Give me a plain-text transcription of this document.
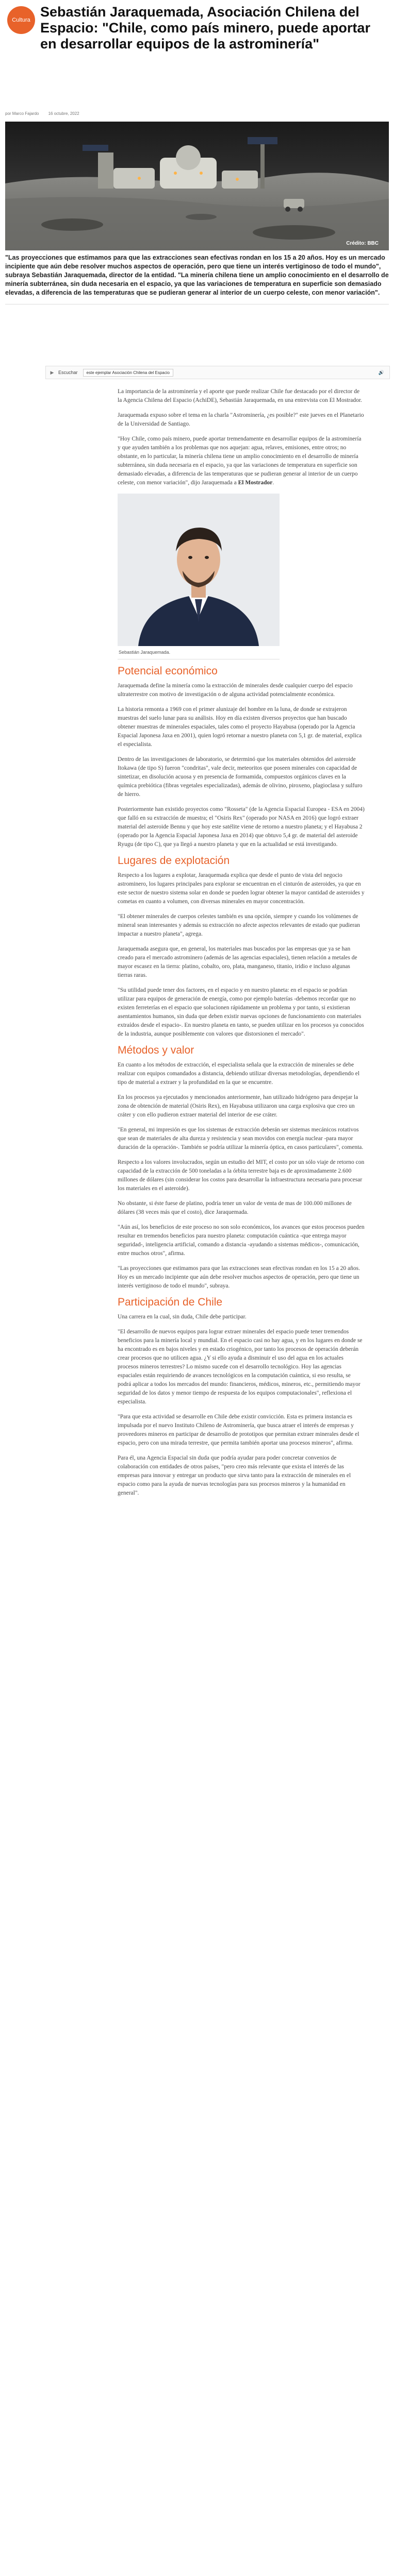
Cultura
Sebastián Jaraquemada, Asociación Chilena del Espacio: "Chile, como país minero, puede aportar en desarrollar equipos de la astrominería"
por Marco Fajardo 16 octubre, 2022
Crédito: BBC

"Las proyecciones que estimamos para que las extracciones sean efectivas rondan en los 15 a 20 años. Hoy es un mercado incipiente que aún debe resolver muchos aspectos de operación, pero que tiene un interés vertiginoso de todo el mundo", subraya Sebastián Jaraquemada, director de la entidad. "La minería chilena tiene un amplio conocimiento en el desarrollo de minería subterránea, sin duda necesaria en el espacio, ya que las variaciones de temperatura en superficie son demasiado elevadas, a diferencia de las temperaturas que se pudieran generar al interior de un cuerpo celeste, con menor variación".

▶ Escuchar	este ejemplar Asociación Chilena del Espacio	🔊

La importancia de la astrominería y el aporte que puede realizar Chile fue destacado por el director de la Agencia Chilena del Espacio (AchiDE), Sebastián Jaraquemada, en una entrevista con El Mostrador.

Jaraquemada expuso sobre el tema en la charla "Astrominería, ¿es posible?" este jueves en el Planetario de la Universidad de Santiago.

"Hoy Chile, como país minero, puede aportar tremendamente en desarrollar equipos de la astrominería y que ayuden también a los problemas que nos aquejan: agua, relaves, emisiones, entre otros; no obstante, en lo particular, la minería chilena tiene un amplio conocimiento en el desarrollo de minería subterránea, sin duda necesaria en el espacio, ya que las variaciones de temperatura en superficie son demasiado elevadas, a diferencia de las temperaturas que se pudieran generar al interior de un cuerpo celeste, con menor variación", dijo Jaraquemada a El Mostrador.

Sebastián Jaraquemada.
Potencial económico

Jaraquemada define la minería como la extracción de minerales desde cualquier cuerpo del espacio ultraterrestre con motivo de investigación o de alguna actividad potencialmente económica.

La historia remonta a 1969 con el primer alunizaje del hombre en la luna, de donde se extrajeron muestras del suelo lunar para su análisis. Hoy en día existen diversos proyectos que han buscado obtener muestras de minerales espaciales, tales como el proyecto Hayabusa (operado por la Agencia Espacial Japonesa Jaxa en 2001), quien logró retornar a nuestro planeta con 5,1 gr. de material, explica el especialista.

Dentro de las investigaciones de laboratorio, se determinó que los materiales obtenidos del asteroide Itokawa (de tipo S) fueron "condritas", vale decir, meteoritos que poseen minerales con capacidad de sintetizar, en disolución acuosa y en presencia de formamida, compuestos orgánicos claves en la química prebiótica (fibras vegetales especializadas), además de olivino, piroxeno, plagioclasa y sulfuro de hierro.

Posteriormente han existido proyectos como "Rosseta" (de la Agencia Espacial Europea - ESA en 2004) que falló en su extracción de muestra; el "Osiris Rex" (operado por NASA en 2016) que logró extraer material del asteroide Bennu y que hoy este satélite viene de retorno a nuestro planeta; y el Hayabusa 2 (operado por la Agencia Espacial Japonesa Jaxa en 2014) que obtuvo 5,4 gr. de material del asteroide Ryugu (de tipo C), que ya llegó a nuestro planeta y que en la actualidad se está investigando.

Lugares de explotación

Respecto a los lugares a explotar, Jaraquemada explica que desde el punto de vista del negocio astrominero, los lugares principales para explorar se encuentran en el cinturón de asteroides, ya que en este sector de nuestro sistema solar en donde se pueden lograr obtener la mayor cantidad de asteroides y cometas en cuanto a volumen, con diversas minerales en mayor concentración.

"El obtener minerales de cuerpos celestes también es una opción, siempre y cuando los volúmenes de mineral sean interesantes y además su extracción no afecte aspectos relevantes de estado que pudieran impactar a nuestro planeta", agrega.

Jaraquemada asegura que, en general, los materiales mas buscados por las empresas que ya se han creado para el mercado astrominero (además de las agencias espaciales), tienen relación a metales de mayor escasez en la tierra: platino, cobalto, oro, plata, manganeso, titanio, iridio e incluso algunas tierras raras.

"Su utilidad puede tener dos factores, en el espacio y en nuestro planeta: en el espacio se podrían utilizar para equipos de generación de energía, como por ejemplo baterías -debemos recordar que no existen ferreterías en el espacio que solucionen rápidamente un problema y por tanto, si existieran asentamientos humanos, sin duda que deben existir nuevas opciones de funcionamiento con materiales extraídos desde el espacio-. En nuestro planeta en tanto, se pueden utilizar en los procesos ya conocidos de la industria, aunque posiblemente con valores que distorsionen el mercado".

Métodos y valor

En cuanto a los métodos de extracción, el especialista señala que la extracción de minerales se debe realizar con equipos comandados a distancia, debiendo utilizar diversas metodologías, dependiendo el tipo de material a extraer y la profundidad en la que se encuentre.

En los procesos ya ejecutados y mencionados anteriormente, han utilizado hidrógeno para despejar la zona de obtención de material (Osiris Rex), en Hayabusa utilizaron una carga explosiva que creo un cráter y con ello pudieron extraer material del interior de ese cráter.

"En general, mi impresión es que los sistemas de extracción deberán ser sistemas mecánicos rotativos que sean de materiales de alta dureza y resistencia y sean movidos con energía nuclear -para mayor duración de la operación-. También se podría utilizar la minería óptica, en casos particulares", comenta.

Respecto a los valores involucrados, según un estudio del MIT, el costo por un sólo viaje de retorno con capacidad de la extracción de 500 toneladas a la órbita terrestre baja es de aproximadamente 2.600 millones de dólares (sin considerar los costos para desarrollar la infraestructura necesaria para procesar los materiales en el asteroide).

No obstante, si éste fuese de platino, podría tener un valor de venta de mas de 100.000 millones de dólares (38 veces más que el costo), dice Jaraquemada.

"Aún así, los beneficios de este proceso no son solo económicos, los avances que estos procesos pueden resultar en tremendos beneficios para nuestro planeta: computación cuántica -que entrega mayor seguridad-, inteligencia artificial, comando a distancia -ayudando a sistemas médicos-, comunicación, entre muchos otros", afirma.

"Las proyecciones que estimamos para que las extracciones sean efectivas rondan en los 15 a 20 años. Hoy es un mercado incipiente que aún debe resolver muchos aspectos de operación, pero que tiene un interés vertiginoso de todo el mundo", subraya.

Participación de Chile

Una carrera en la cual, sin duda, Chile debe participar.

"El desarrollo de nuevos equipos para lograr extraer minerales del espacio puede tener tremendos beneficios para la minería local y mundial. En el espacio casi no hay agua, y en los lugares en donde se ha encontrado es en bajos niveles y en estado criogénico, por tanto los procesos de operación deberán crear procesos que no utilicen agua. ¿Y si ello ayuda a disminuir el uso del agua en los actuales procesos mineros terrestres? Lo mismo sucede con el desarrollo tecnológico. Hoy las agencias espaciales están requiriendo de avances tecnológicos en la computación cuántica, si eso resulta, se podrá aplicar a todos los mercados del mundo: financieros, médicos, mineros, etc., permitiendo mayor seguridad de los datos y menor tiempo de respuesta de los equipos computacionales", reflexiona el especialista.

"Para que esta actividad se desarrolle en Chile debe existir convicción. Esta es primera instancia es impulsada por el nuevo Instituto Chileno de Astrominería, que busca atraer el interés de empresas y proveedores mineros en participar de desarrollo de prototipos que permitan extraer minerales desde el espacio, pero con una mirada terrestre, que permita también aportar una procesos mineros", afirma.

Para él, una Agencia Espacial sin duda que podría ayudar para poder concretar convenios de colaboración con entidades de otros países, "pero creo más relevante que exista el interés de las empresas para innovar y entregar un producto que sirva tanto para la extracción de minerales en el espacio como para la ayuda de nuevas tecnologías para sus procesos mineros y la humanidad en general".
